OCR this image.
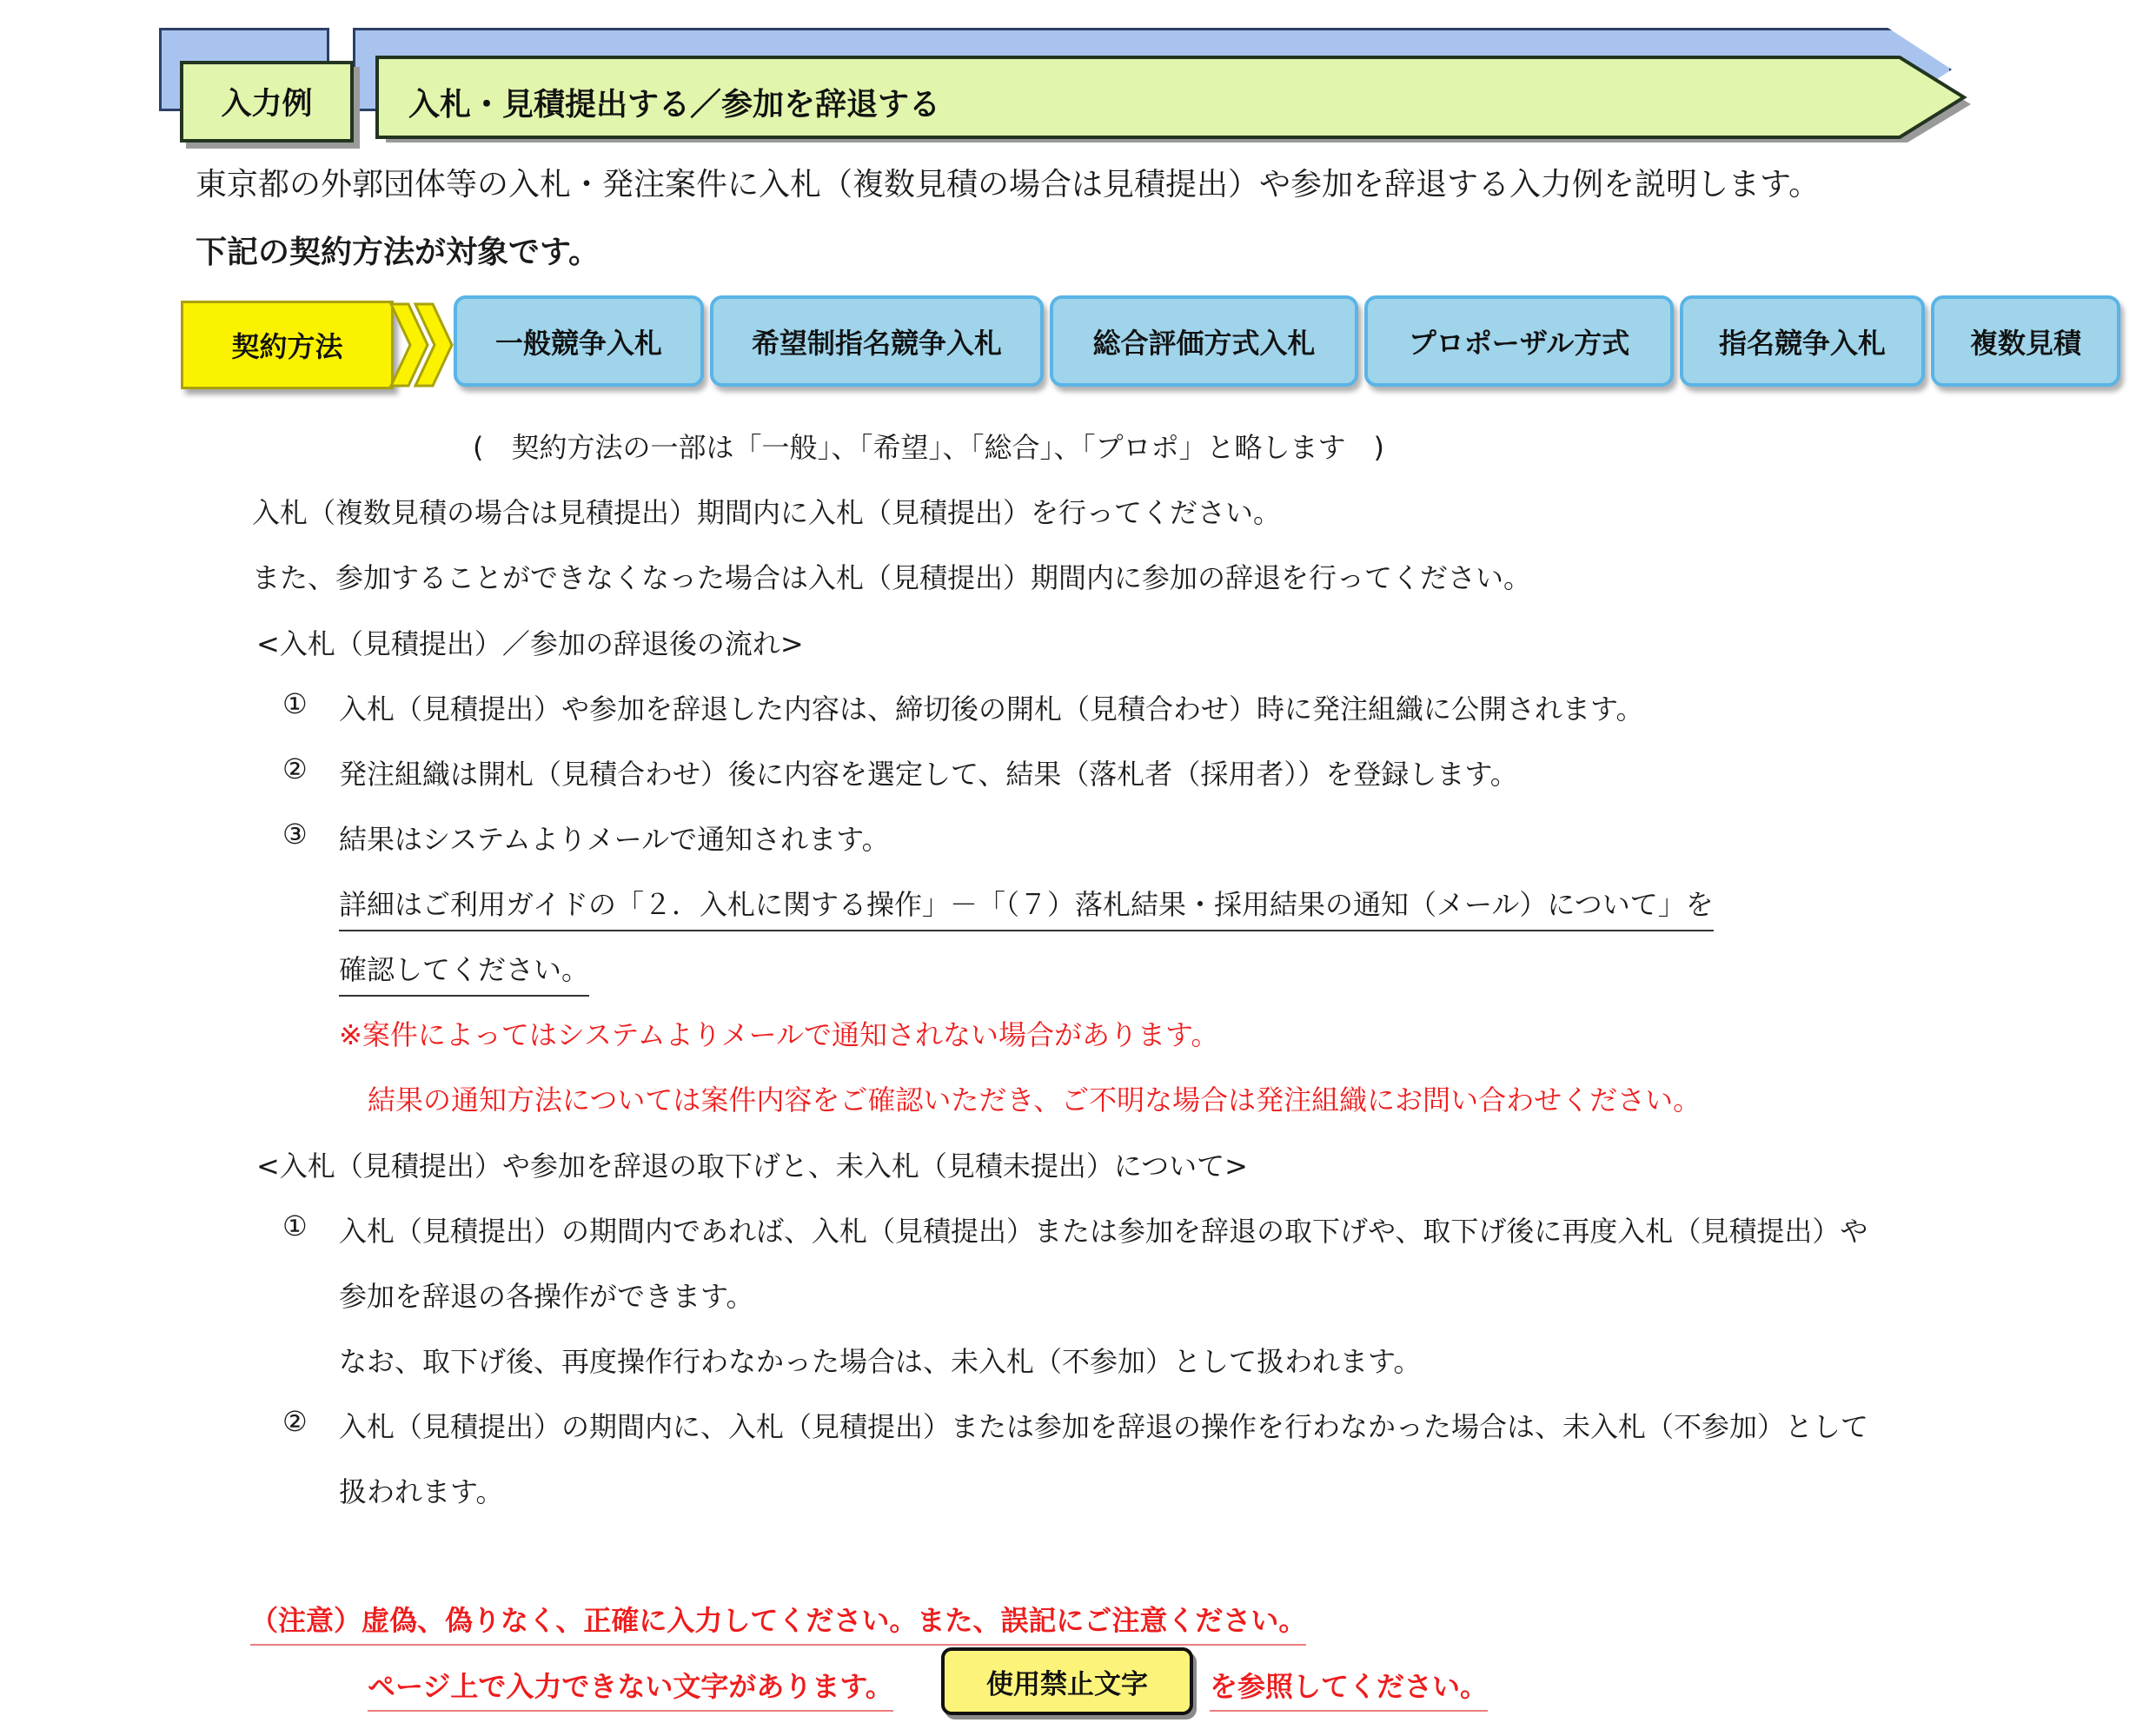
入力例	入札・見積提出する／参加を辞退する
東京都の外郭団体等の入札・発注案件に入札（複数見積の場合は見積提出）や参加を辞退する入力例を説明します。
下記の契約方法が対象です。
契約方法	一般競争入札	希望制指名競争入札	総合評価方式入札	プロポーザル方式	指名競争入札	複数見積
(　契約方法の一部は「一般」、「希望」、「総合」、「プロポ」と略します　)
入札（複数見積の場合は見積提出）期間内に入札（見積提出）を行ってください。
また、参加することができなくなった場合は入札（見積提出）期間内に参加の辞退を行ってください。
<入札（見積提出）／参加の辞退後の流れ>
① 入札（見積提出）や参加を辞退した内容は、締切後の開札（見積合わせ）時に発注組織に公開されます。
② 発注組織は開札（見積合わせ）後に内容を選定して、結果（落札者（採用者））を登録します。
③ 結果はシステムよりメールで通知されます。
詳細はご利用ガイドの「２．入札に関する操作」－「（７）落札結果・採用結果の通知（メール）について」を
確認してください。
※案件によってはシステムよりメールで通知されない場合があります。
結果の通知方法については案件内容をご確認いただき、ご不明な場合は発注組織にお問い合わせください。
<入札（見積提出）や参加を辞退の取下げと、未入札（見積未提出）について>
① 入札（見積提出）の期間内であれば、入札（見積提出）または参加を辞退の取下げや、取下げ後に再度入札（見積提出）や
参加を辞退の各操作ができます。
なお、取下げ後、再度操作行わなかった場合は、未入札（不参加）として扱われます。
② 入札（見積提出）の期間内に、入札（見積提出）または参加を辞退の操作を行わなかった場合は、未入札（不参加）として
扱われます。
（注意）虚偽、偽りなく、正確に入力してください。また、誤記にご注意ください。
ページ上で入力できない文字があります。	使用禁止文字	を参照してください。
